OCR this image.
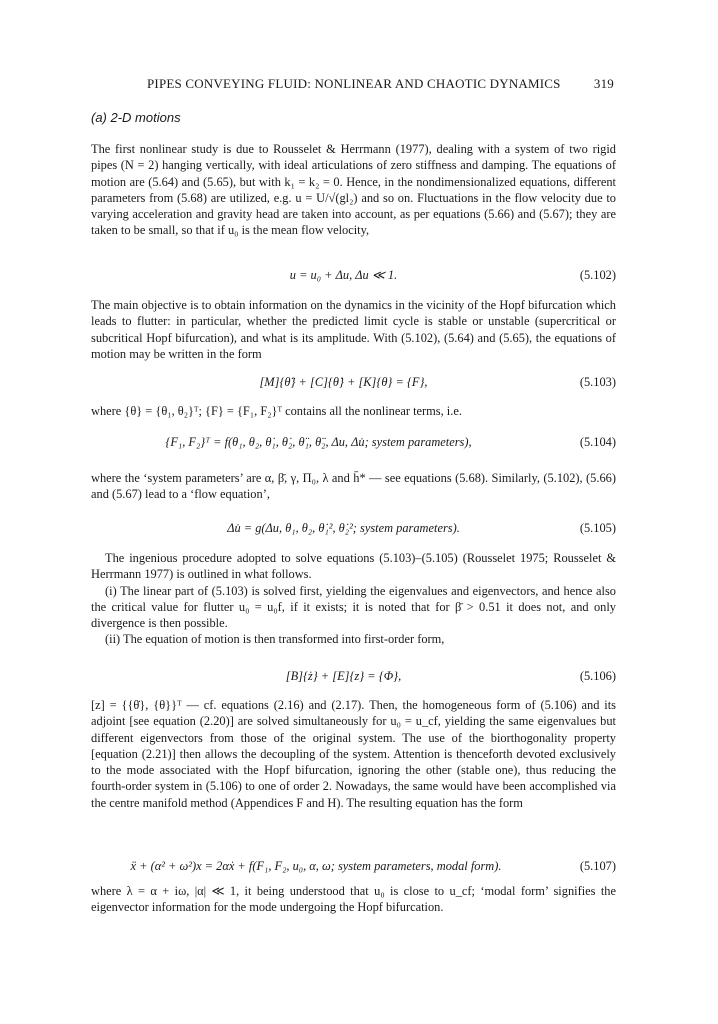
PIPES CONVEYING FLUID: NONLINEAR AND CHAOTIC DYNAMICS	319
(a) 2-D motions

The first nonlinear study is due to Rousselet & Herrmann (1977), dealing with a system of two rigid pipes (N = 2) hanging vertically, with ideal articulations of zero stiffness and damping. The equations of motion are (5.64) and (5.65), but with k₁ = k₂ = 0. Hence, in the nondimensionalized equations, different parameters from (5.68) are utilized, e.g. u = U/√(gl₂) and so on. Fluctuations in the flow velocity due to varying acceleration and gravity head are taken into account, as per equations (5.66) and (5.67); they are taken to be small, so that if u₀ is the mean flow velocity,

u = u₀ + Δu, Δu ≪ 1.	(5.102)

The main objective is to obtain information on the dynamics in the vicinity of the Hopf bifurcation which leads to flutter: in particular, whether the predicted limit cycle is stable or unstable (supercritical or subcritical Hopf bifurcation), and what is its amplitude. With (5.102), (5.64) and (5.65), the equations of motion may be written in the form

[M]{θ̈} + [C]{θ̇} + [K]{θ} = {F},	(5.103)

where {θ} = {θ₁, θ₂}ᵀ; {F} = {F₁, F₂}ᵀ contains all the nonlinear terms, i.e.

{F₁, F₂}ᵀ = f(θ₁, θ₂, θ̇₁, θ̇₂, θ̈₁, θ̈₂, Δu, Δu̇; system parameters),	(5.104)

where the ‘system parameters’ are α, β̄, γ, Π₀, λ and h̄* — see equations (5.68). Similarly, (5.102), (5.66) and (5.67) lead to a ‘flow equation’,

Δu̇ = g(Δu, θ₁, θ₂, θ̇₁², θ̇₂²; system parameters).	(5.105)

The ingenious procedure adopted to solve equations (5.103)–(5.105) (Rousselet 1975; Rousselet & Herrmann 1977) is outlined in what follows.

(i) The linear part of (5.103) is solved first, yielding the eigenvalues and eigenvectors, and hence also the critical value for flutter u₀ = u₀f, if it exists; it is noted that for β̄ > 0.51 it does not, and only divergence is then possible.

(ii) The equation of motion is then transformed into first-order form,

[B]{ż} + [E]{z} = {Φ},	(5.106)

[z] = {{θ̇}, {θ}}ᵀ — cf. equations (2.16) and (2.17). Then, the homogeneous form of (5.106) and its adjoint [see equation (2.20)] are solved simultaneously for u₀ = u_cf, yielding the same eigenvalues but different eigenvectors from those of the original system. The use of the biorthogonality property [equation (2.21)] then allows the decoupling of the system. Attention is thenceforth devoted exclusively to the mode associated with the Hopf bifurcation, ignoring the other (stable one), thus reducing the fourth-order system in (5.106) to one of order 2. Nowadays, the same would have been accomplished via the centre manifold method (Appendices F and H). The resulting equation has the form

ẍ + (α² + ω²)x = 2αẋ + f(F₁, F₂, u₀, α, ω; system parameters, modal form).	(5.107)

where λ = α + iω, |α| ≪ 1, it being understood that u₀ is close to u_cf; ‘modal form’ signifies the eigenvector information for the mode undergoing the Hopf bifurcation.
